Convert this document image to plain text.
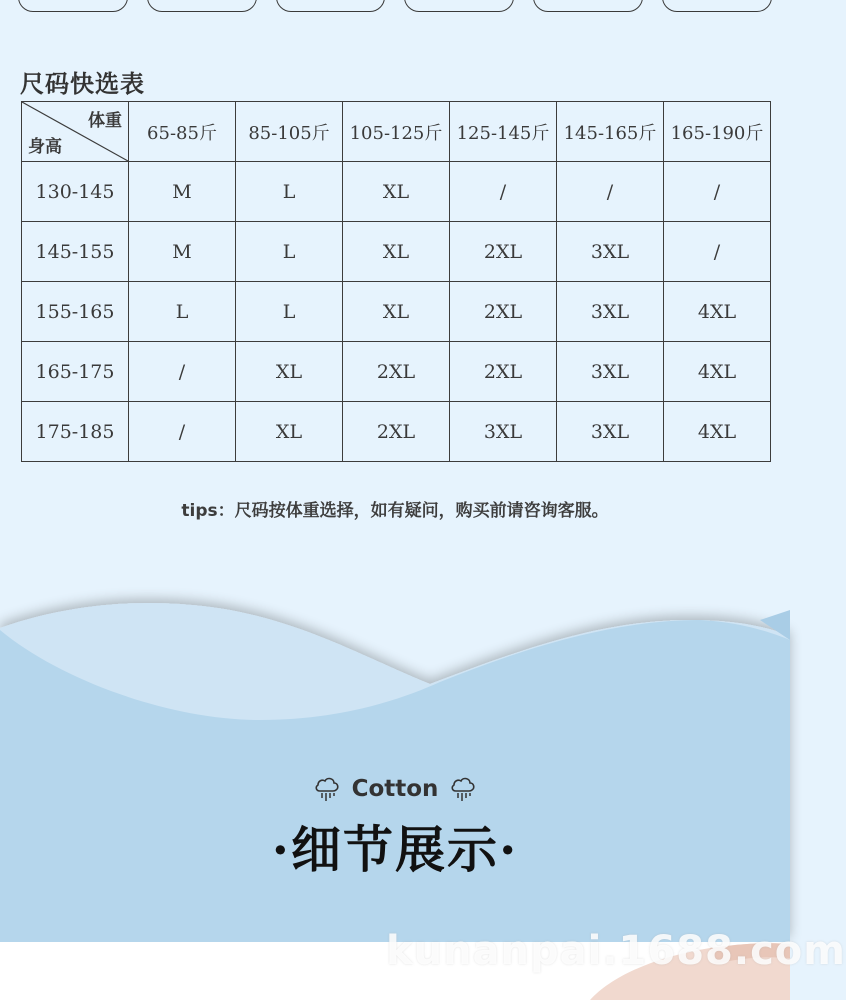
尺码快选表
体重
身高	65-85斤	85-105斤	105-125斤	125-145斤	145-165斤	165-190斤
130-145	M	L	XL	/	/	/
145-155	M	L	XL	2XL	3XL	/
155-165	L	L	XL	2XL	3XL	4XL
165-175	/	XL	2XL	2XL	3XL	4XL
175-185	/	XL	2XL	3XL	3XL	4XL
tips：尺码按体重选择，如有疑问，购买前请咨询客服。
Cotton
·细节展示·
kunanpai.1688.com
